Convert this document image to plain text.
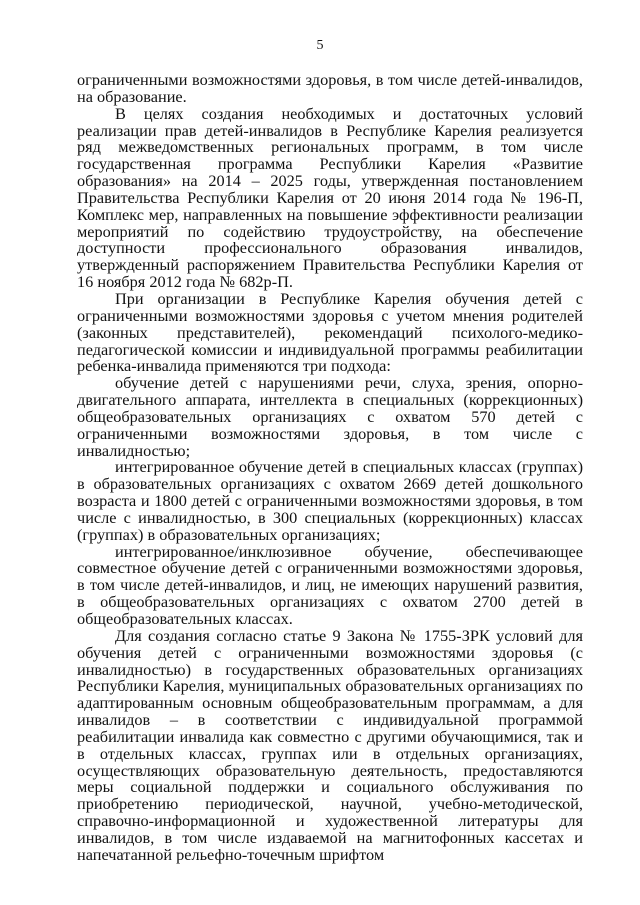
5

ограниченными возможностями здоровья, в том числе детей-инвалидов, на образование.

В целях создания необходимых и достаточных условий реализации прав детей-инвалидов в Республике Карелия реализуется ряд межведомственных региональных программ, в том числе государственная программа Республики Карелия «Развитие образования» на 2014 – 2025 годы, утвержденная постановлением Правительства Республики Карелия от 20 июня 2014 года № 196-П, Комплекс мер, направленных на повышение эффективности реализации мероприятий по содействию трудоустройству, на обеспечение доступности профессионального образования инвалидов, утвержденный распоряжением Правительства Республики Карелия от 16 ноября 2012 года № 682р-П.

При организации в Республике Карелия обучения детей с ограниченными возможностями здоровья с учетом мнения родителей (законных представителей), рекомендаций психолого-медико-педагогической комиссии и индивидуальной программы реабилитации ребенка-инвалида применяются три подхода:

обучение детей с нарушениями речи, слуха, зрения, опорно-двигательного аппарата, интеллекта в специальных (коррекционных) общеобразовательных организациях с охватом 570 детей с ограниченными возможностями здоровья, в том числе с инвалидностью;

интегрированное обучение детей в специальных классах (группах) в образовательных организациях с охватом 2669 детей дошкольного возраста и 1800 детей с ограниченными возможностями здоровья, в том числе с инвалидностью, в 300 специальных (коррекционных) классах (группах) в образовательных организациях;

интегрированное/инклюзивное обучение, обеспечивающее совместное обучение детей с ограниченными возможностями здоровья, в том числе детей-инвалидов, и лиц, не имеющих нарушений развития, в общеобразовательных организациях с охватом 2700 детей в общеобразовательных классах.

Для создания согласно статье 9 Закона № 1755-ЗРК условий для обучения детей с ограниченными возможностями здоровья (с инвалидностью) в государственных образовательных организациях Республики Карелия, муниципальных образовательных организациях по адаптированным основным общеобразовательным программам, а для инвалидов – в соответствии с индивидуальной программой реабилитации инвалида как совместно с другими обучающимися, так и в отдельных классах, группах или в отдельных организациях, осуществляющих образовательную деятельность, предоставляются меры социальной поддержки и социального обслуживания по приобретению периодической, научной, учебно-методической, справочно-информационной и художественной литературы для инвалидов, в том числе издаваемой на магнитофонных кассетах и напечатанной рельефно-точечным шрифтом
